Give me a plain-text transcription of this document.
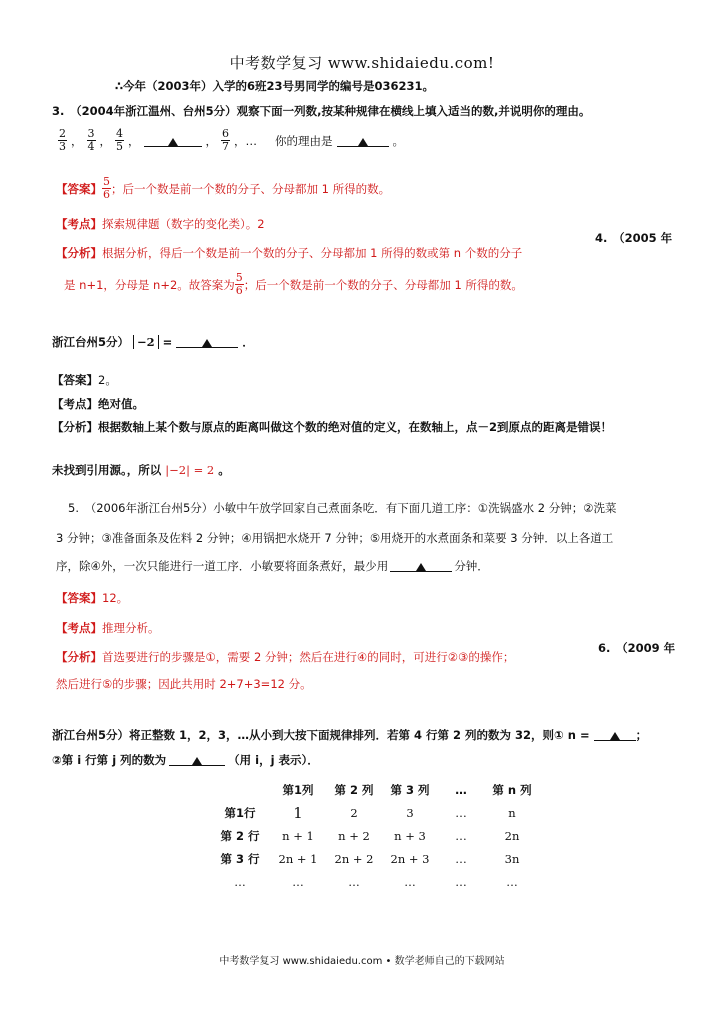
中考数学复习 www.shidaiedu.com!
∴今年（2003年）入学的6班23号男同学的编号是036231。
3.　（2004年浙江温州、台州5分）观察下面一列数,按某种规律在横线上填入适当的数,并说明你的理由。
$\frac{2}{3}$ ， $\frac{3}{4}$ ， $\frac{4}{5}$ ，	， $\frac{6}{7}$ ，… 你的理由是	。
【答案】 $\frac{5}{6}$ ；后一个数是前一个数的分子、分母都加 1 所得的数。
【考点】探索规律题（数字的变化类）。2
【分析】根据分析，得后一个数是前一个数的分子、分母都加 1 所得的数或第 n 个数的分子
4.　（2005 年
是 n+1，分母是 n+2。故答案为 $\frac{5}{6}$ ；后一个数是前一个数的分子、分母都加 1 所得的数。
浙江台州5分） −2 =	．
【答案】2。
【考点】绝对值。
【分析】根据数轴上某个数与原点的距离叫做这个数的绝对值的定义，在数轴上，点－2到原点的距离是错误！
未找到引用源。，所以 |−2| = 2 。
5.　（2006年浙江台州5分）小敏中午放学回家自己煮面条吃．有下面几道工序：①洗锅盛水 2 分钟；②洗菜
3 分钟；③准备面条及佐料 2 分钟；④用锅把水烧开 7 分钟；⑤用烧开的水煮面条和菜要 3 分钟．以上各道工
序，除④外，一次只能进行一道工序．小敏要将面条煮好，最少用	分钟．
【答案】12。
【考点】推理分析。
【分析】首选要进行的步骤是①，需要 2 分钟；然后在进行④的同时，可进行②③的操作；
6.　（2009 年
然后进行⑤的步骤；因此共用时 2+7+3=12 分。
浙江台州5分）将正整数 1，2，3，…从小到大按下面规律排列．若第 4 行第 2 列的数为 32，则① n =	；
②第 i 行第 j 列的数为	（用 i，j 表示）．
	第1列	第 2 列	第 3 列	…	第 n 列
第1行	1	2	3	…	n
第 2 行	n + 1	n + 2	n + 3	…	2n
第 3 行	2n + 1	2n + 2	2n + 3	…	3n
…	…	…	…	…	…
中考数学复习 www.shidaiedu.com • 数学老师自己的下载网站
